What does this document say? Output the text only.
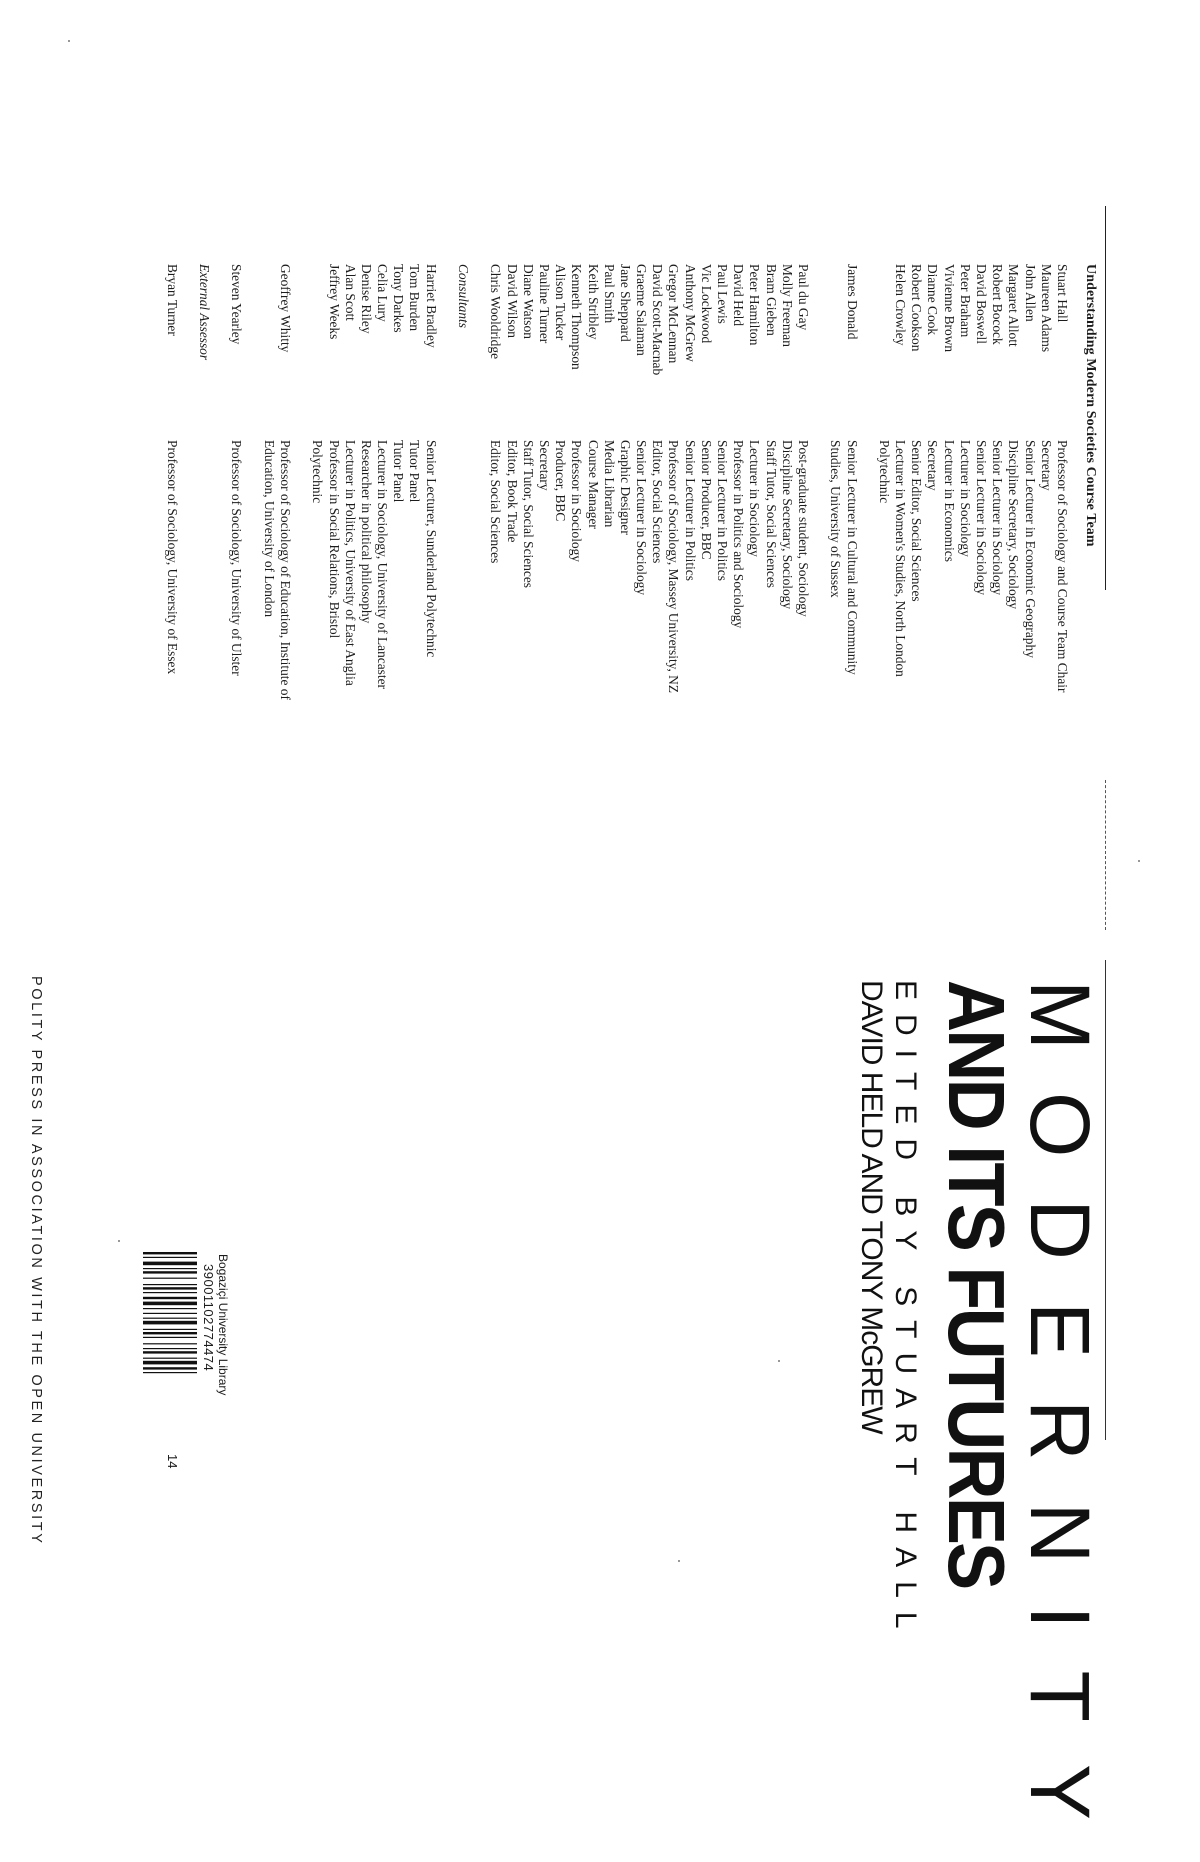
Understanding Modern Societies Course Team
Stuart Hall
Professor of Sociology and Course Team Chair
Maureen Adams
Secretary
John Allen
Senior Lecturer in Economic Geography
Margaret Allott
Discipline Secretary, Sociology
Robert Bocock
Senior Lecturer in Sociology
David Boswell
Senior Lecturer in Sociology
Peter Braham
Lecturer in Sociology
Vivienne Brown
Lecturer in Economics
Dianne Cook
Secretary
Robert Cookson
Senior Editor, Social Sciences
Helen Crowley
Lecturer in Women's Studies, North London
Polytechnic
James Donald
Senior Lecturer in Cultural and Community
Studies, University of Sussex
Paul du Gay
Post-graduate student, Sociology
Molly Freeman
Discipline Secretary, Sociology
Bram Gieben
Staff Tutor, Social Sciences
Peter Hamilton
Lecturer in Sociology
David Held
Professor in Politics and Sociology
Paul Lewis
Senior Lecturer in Politics
Vic Lockwood
Senior Producer, BBC
Anthony McGrew
Senior Lecturer in Politics
Gregor McLennan
Professor of Sociology, Massey University, NZ
David Scott-Macnab
Editor, Social Sciences
Graeme Salaman
Senior Lecturer in Sociology
Jane Sheppard
Graphic Designer
Paul Smith
Media Librarian
Keith Stribley
Course Manager
Kenneth Thompson
Professor in Sociology
Alison Tucker
Producer, BBC
Pauline Turner
Secretary
Diane Watson
Staff Tutor, Social Sciences
David Wilson
Editor, Book Trade
Chris Wooldridge
Editor, Social Sciences
Consultants
Harriet Bradley
Senior Lecturer, Sunderland Polytechnic
Tom Burden
Tutor Panel
Tony Darkes
Tutor Panel
Celia Lury
Lecturer in Sociology, University of Lancaster
Denise Riley
Researcher in political philosophy
Alan Scott
Lecturer in Politics, University of East Anglia
Jeffrey Weeks
Professor in Social Relations, Bristol
Polytechnic
Geoffrey Whitty
Professor of Sociology of Education, Institute of
Education, University of London
Steven Yearley
Professor of Sociology, University of Ulster
External Assessor
Bryan Turner
Professor of Sociology, University of Essex
MODERNITY
AND ITS FUTURES
EDITED BY STUART HALL
DAVID HELD AND TONY McGREW
Bogaziçi University Library
39001102774474
14
POLITY PRESS IN ASSOCIATION WITH THE OPEN UNIVERSITY
